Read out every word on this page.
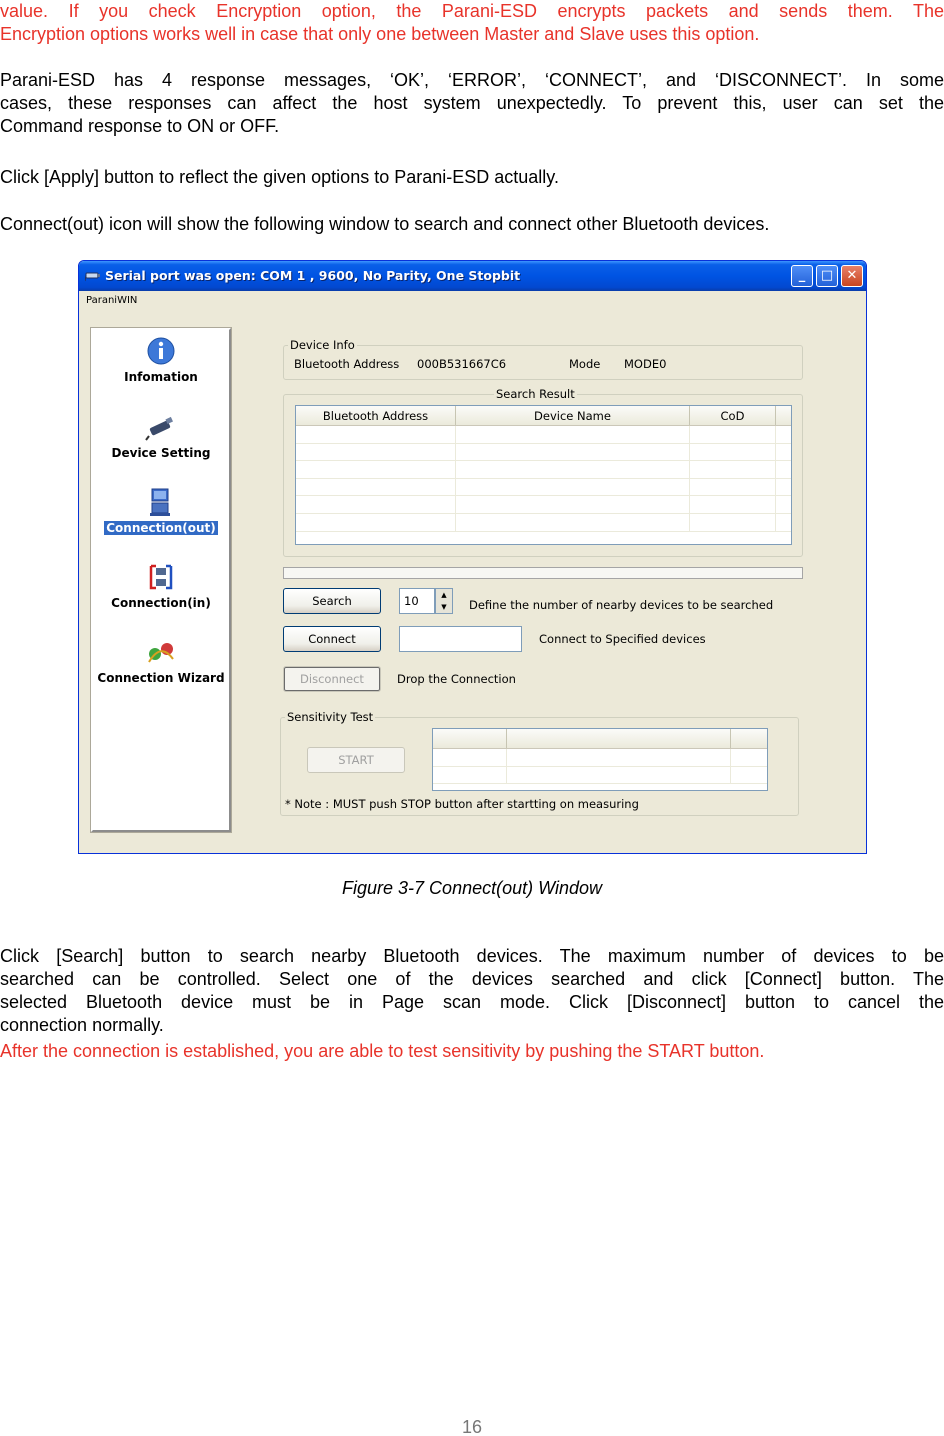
value. If you check Encryption option, the Parani-ESD encrypts packets and sends them. The
Encryption options works well in case that only one between Master and Slave uses this option.
Parani-ESD has 4 response messages, ‘OK’, ‘ERROR’, ‘CONNECT’, and ‘DISCONNECT’. In some
cases, these responses can affect the host system unexpectedly. To prevent this, user can set the
Command response to ON or OFF.
Click [Apply] button to reflect the given options to Parani-ESD actually.
Connect(out) icon will show the following window to search and connect other Bluetooth devices.
Serial port was open: COM 1 , 9600, No Parity, One Stopbit	_	□	✕
ParaniWIN
Infomation
Device Setting
Connection(out)
Connection(in)
Connection Wizard
Device Info
Bluetooth Address 000B531667C6	Mode MODE0
Search Result
Bluetooth Address	Device Name	CoD
Search	10	▲
▼	Define the number of nearby devices to be searched
Connect	Connect to Specified devices
Disconnect	Drop the Connection
Sensitivity Test
START
* Note : MUST push STOP button after startting on measuring
Figure 3-7 Connect(out) Window
Click [Search] button to search nearby Bluetooth devices. The maximum number of devices to be
searched can be controlled. Select one of the devices searched and click [Connect] button. The
selected Bluetooth device must be in Page scan mode. Click [Disconnect] button to cancel the
connection normally.
After the connection is established, you are able to test sensitivity by pushing the START button.
16
